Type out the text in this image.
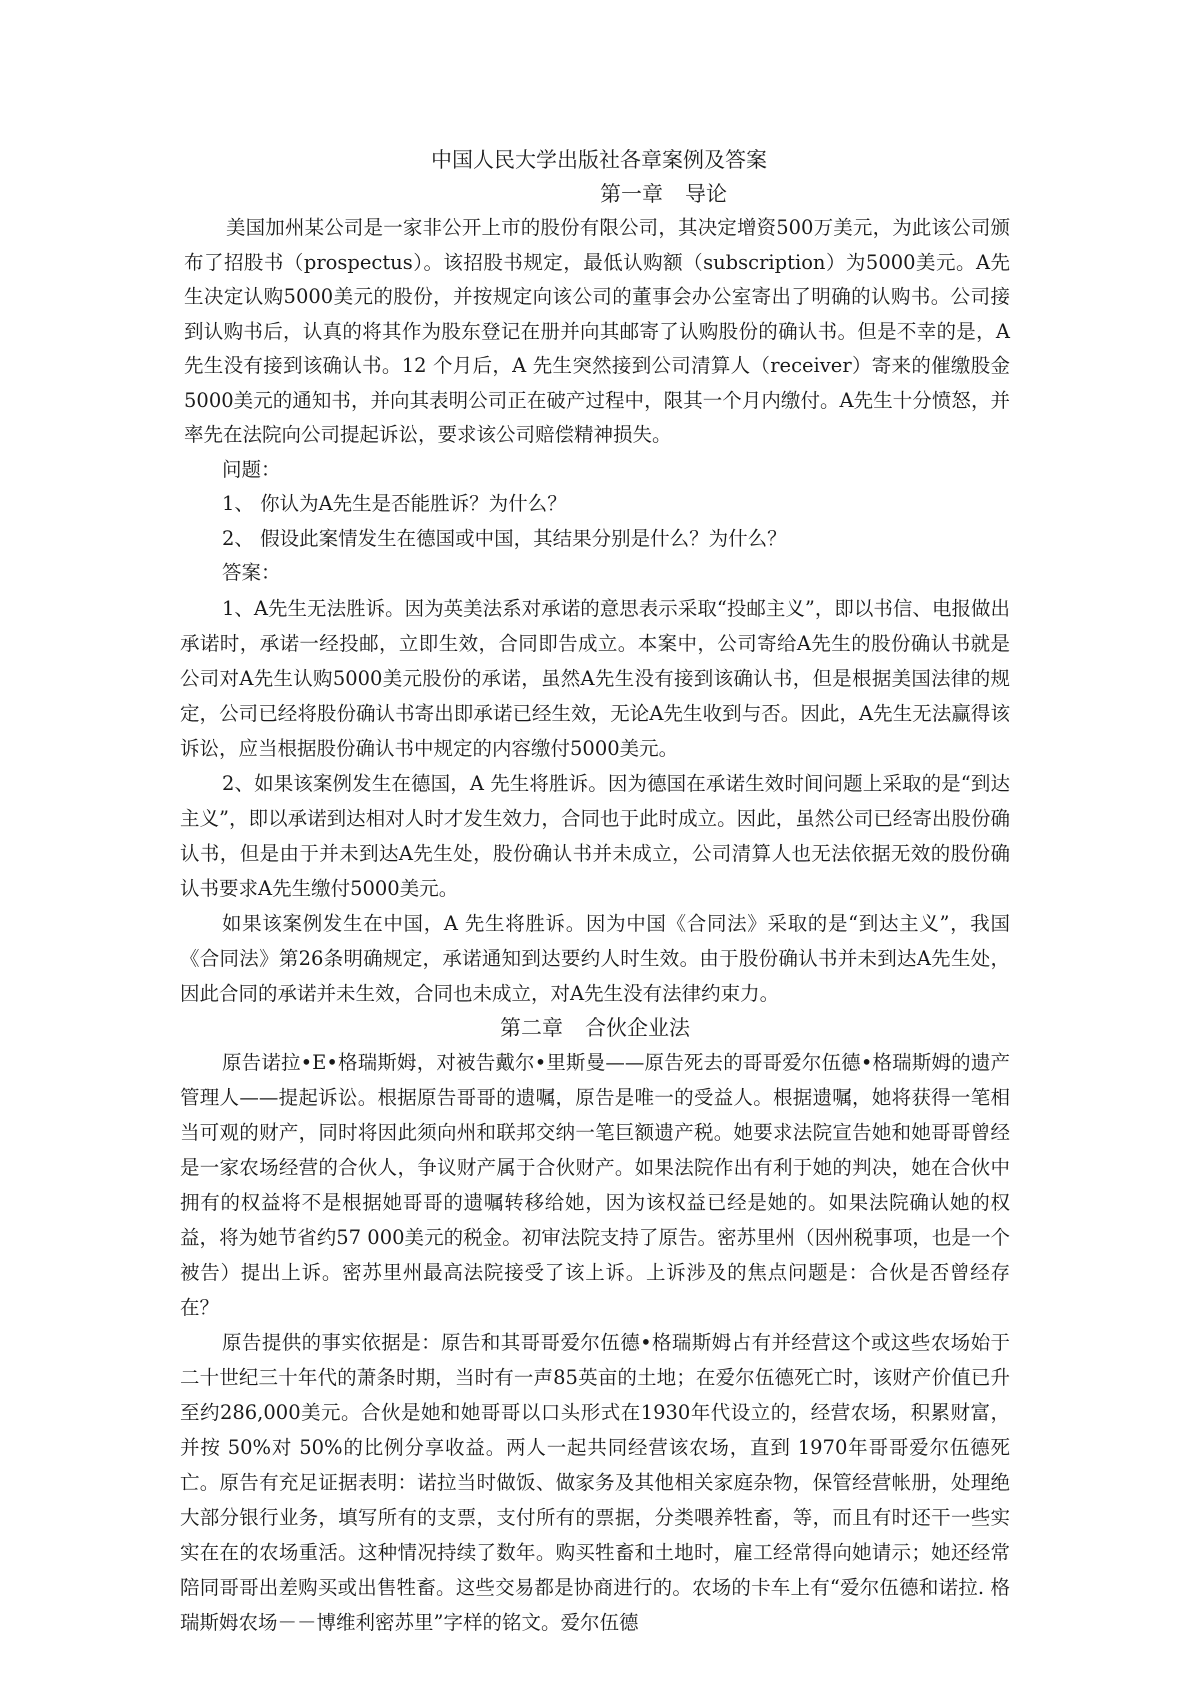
中国人民大学出版社各章案例及答案
第一章 导论

美国加州某公司是一家非公开上市的股份有限公司，其决定增资500万美元，为此该公司颁布了招股书（prospectus）。该招股书规定，最低认购额（subscription）为5000美元。A先生决定认购5000美元的股份，并按规定向该公司的董事会办公室寄出了明确的认购书。公司接到认购书后，认真的将其作为股东登记在册并向其邮寄了认购股份的确认书。但是不幸的是，A 先生没有接到该确认书。12 个月后，A 先生突然接到公司清算人（receiver）寄来的催缴股金 5000美元的通知书，并向其表明公司正在破产过程中，限其一个月内缴付。A先生十分愤怒，并率先在法院向公司提起诉讼，要求该公司赔偿精神损失。

问题：

1、 你认为A先生是否能胜诉？为什么？

2、 假设此案情发生在德国或中国，其结果分别是什么？为什么？

答案：

1、A先生无法胜诉。因为英美法系对承诺的意思表示采取“投邮主义”，即以书信、电报做出承诺时，承诺一经投邮，立即生效，合同即告成立。本案中，公司寄给A先生的股份确认书就是公司对A先生认购5000美元股份的承诺，虽然A先生没有接到该确认书，但是根据美国法律的规定，公司已经将股份确认书寄出即承诺已经生效，无论A先生收到与否。因此，A先生无法赢得该诉讼，应当根据股份确认书中规定的内容缴付5000美元。

2、如果该案例发生在德国，A 先生将胜诉。因为德国在承诺生效时间问题上采取的是“到达主义”，即以承诺到达相对人时才发生效力，合同也于此时成立。因此，虽然公司已经寄出股份确认书，但是由于并未到达A先生处，股份确认书并未成立，公司清算人也无法依据无效的股份确认书要求A先生缴付5000美元。

如果该案例发生在中国，A 先生将胜诉。因为中国《合同法》采取的是“到达主义”，我国《合同法》第26条明确规定，承诺通知到达要约人时生效。由于股份确认书并未到达A先生处，因此合同的承诺并未生效，合同也未成立，对A先生没有法律约束力。

第二章 合伙企业法

原告诺拉•E•格瑞斯姆，对被告戴尔•里斯曼——原告死去的哥哥爱尔伍德•格瑞斯姆的遗产管理人——提起诉讼。根据原告哥哥的遗嘱，原告是唯一的受益人。根据遗嘱，她将获得一笔相当可观的财产，同时将因此须向州和联邦交纳一笔巨额遗产税。她要求法院宣告她和她哥哥曾经是一家农场经营的合伙人，争议财产属于合伙财产。如果法院作出有利于她的判决，她在合伙中拥有的权益将不是根据她哥哥的遗嘱转移给她，因为该权益已经是她的。如果法院确认她的权益，将为她节省约57 000美元的税金。初审法院支持了原告。密苏里州（因州税事项，也是一个被告）提出上诉。密苏里州最高法院接受了该上诉。上诉涉及的焦点问题是：合伙是否曾经存在？

原告提供的事实依据是：原告和其哥哥爱尔伍德•格瑞斯姆占有并经营这个或这些农场始于二十世纪三十年代的萧条时期，当时有一声85英亩的土地；在爱尔伍德死亡时，该财产价值已升至约286,000美元。合伙是她和她哥哥以口头形式在1930年代设立的，经营农场，积累财富，并按 50%对 50%的比例分享收益。两人一起共同经营该农场，直到 1970年哥哥爱尔伍德死亡。原告有充足证据表明：诺拉当时做饭、做家务及其他相关家庭杂物，保管经营帐册，处理绝大部分银行业务，填写所有的支票，支付所有的票据，分类喂养牲畜，等，而且有时还干一些实实在在的农场重活。这种情况持续了数年。购买牲畜和土地时，雇工经常得向她请示；她还经常陪同哥哥出差购买或出售牲畜。这些交易都是协商进行的。农场的卡车上有“爱尔伍德和诺拉. 格瑞斯姆农场－－博维利密苏里”字样的铭文。爱尔伍德
